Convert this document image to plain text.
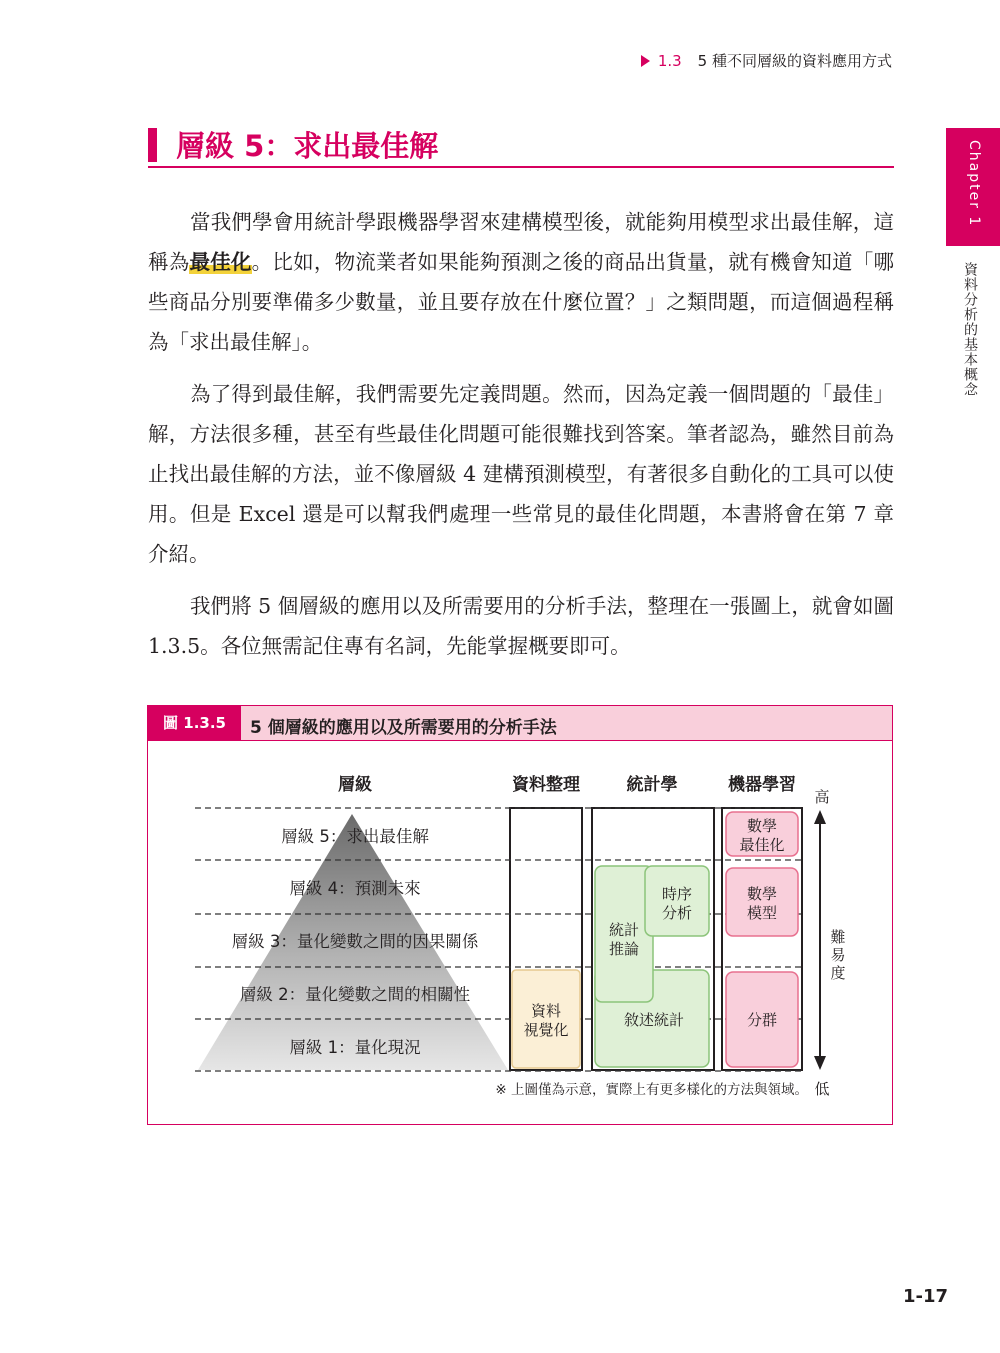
1.3 5 種不同層級的資料應用方式
Chapter 1
資料分析的基本概念
層級 5：求出最佳解

當我們學會用統計學跟機器學習來建構模型後，就能夠用模型求出最佳解，這稱為最佳化。比如，物流業者如果能夠預測之後的商品出貨量，就有機會知道「哪些商品分別要準備多少數量，並且要存放在什麼位置？」之類問題，而這個過程稱為「求出最佳解」。

為了得到最佳解，我們需要先定義問題。然而，因為定義一個問題的「最佳」解，方法很多種，甚至有些最佳化問題可能很難找到答案。筆者認為，雖然目前為止找出最佳解的方法，並不像層級 4 建構預測模型，有著很多自動化的工具可以使用。但是 Excel 還是可以幫我們處理一些常見的最佳化問題，本書將會在第 7 章介紹。

我們將 5 個層級的應用以及所需要用的分析手法，整理在一張圖上，就會如圖 1.3.5。各位無需記住專有名詞，先能掌握概要即可。

圖 1.3.5	5 個層級的應用以及所需要用的分析手法
層級	資料整理	統計學	機器學習
層級 5：求出最佳解
層級 4：預測未來
層級 3：量化變數之間的因果關係
層級 2：量化變數之間的相關性
層級 1：量化現況
資料
視覺化
時序
分析
統計
推論
敘述統計
數學
最佳化
數學
模型
分群
高
難
易
度
低
※ 上圖僅為示意，實際上有更多樣化的方法與領域。
1-17
